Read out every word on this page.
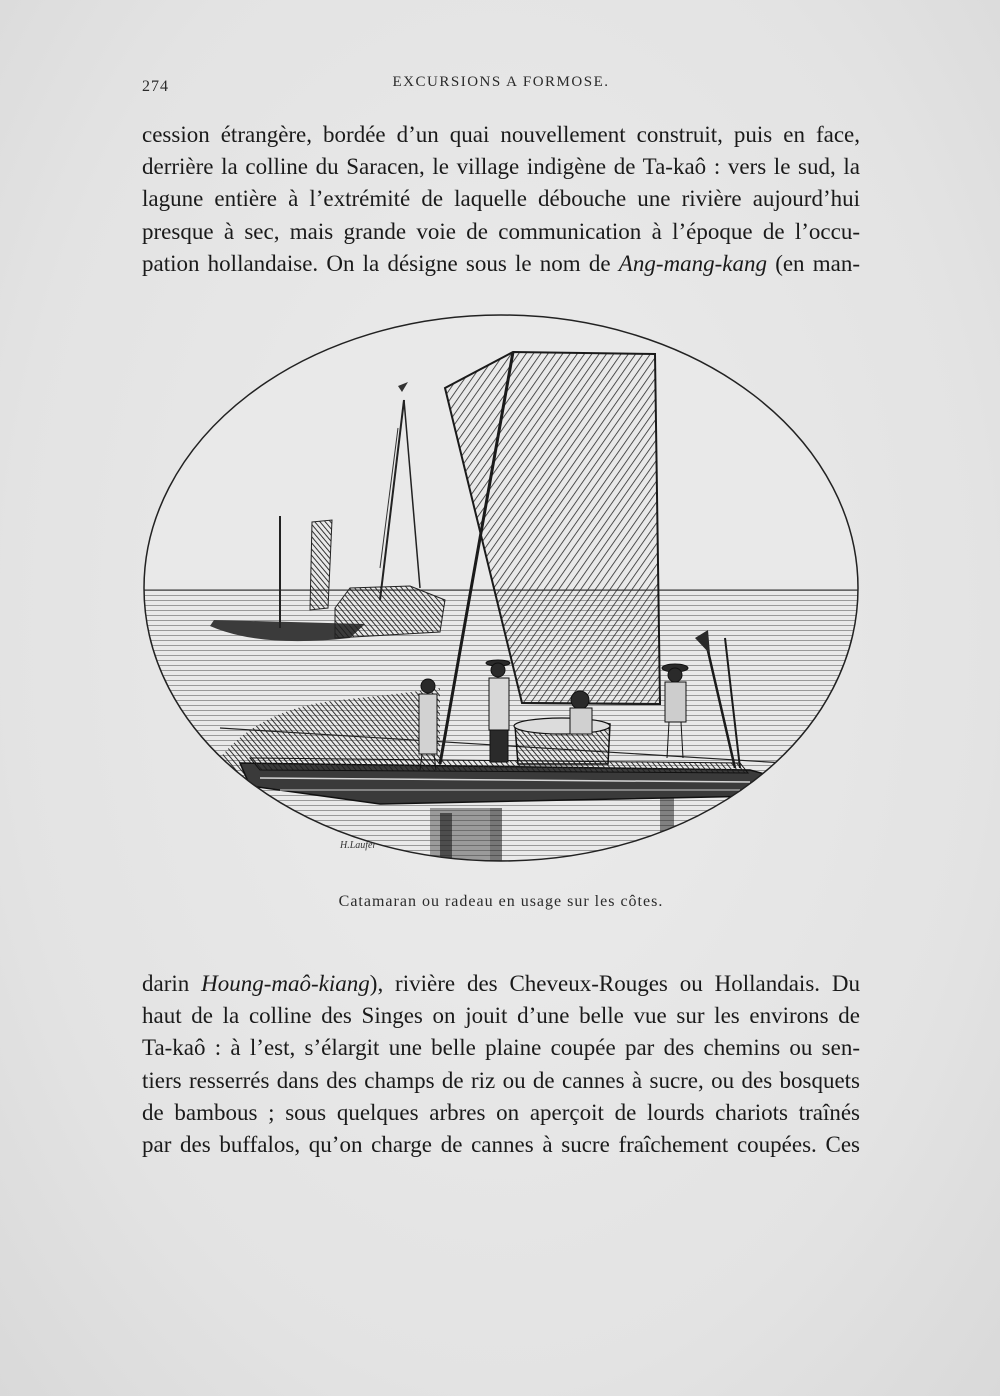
274	EXCURSIONS A FORMOSE.
cession étrangère, bordée d’un quai nouvellement construit, puis en face,
derrière la colline du Saracen, le village indigène de Ta-kaô : vers le sud, la
lagune entière à l’extrémité de laquelle débouche une rivière aujourd’hui
presque à sec, mais grande voie de communication à l’époque de l’occu-
pation hollandaise. On la désigne sous le nom de Ang-mang-kang (en man-
H.Laufer
Catamaran ou radeau en usage sur les côtes.
darin Houng-maô-kiang), rivière des Cheveux-Rouges ou Hollandais. Du
haut de la colline des Singes on jouit d’une belle vue sur les environs de
Ta-kaô : à l’est, s’élargit une belle plaine coupée par des chemins ou sen-
tiers resserrés dans des champs de riz ou de cannes à sucre, ou des bosquets
de bambous ; sous quelques arbres on aperçoit de lourds chariots traînés
par des buffalos, qu’on charge de cannes à sucre fraîchement coupées. Ces
